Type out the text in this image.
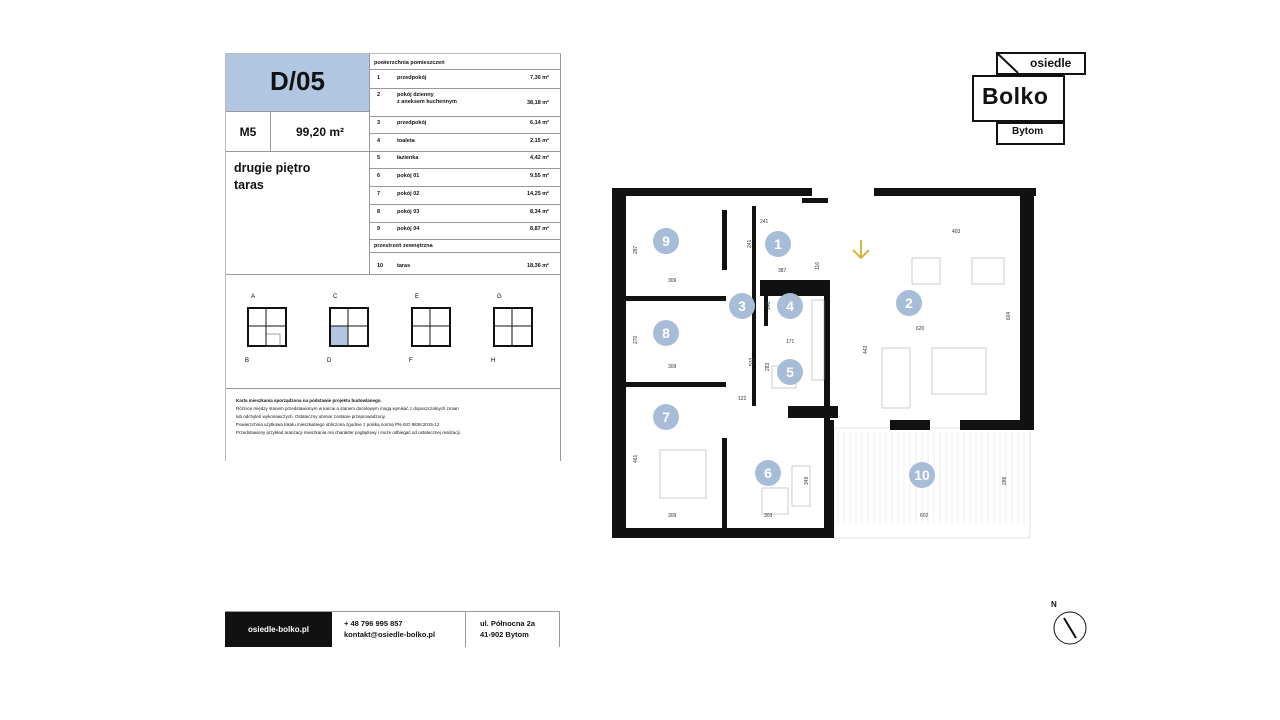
D/05
M5	99,20 m²
drugie piętro
taras
powierzchnia pomieszczeń
1	przedpokój	7,30 m²
2	pokój dzienny
z aneksem kuchennym	38,18 m²
3	przedpokój	6,14 m²
4	toaleta	2,15 m²
5	łazienka	4,42 m²
6	pokój 01	9,55 m²
7	pokój 02	14,25 m²
8	pokój 03	8,34 m²
9	pokój 04	8,87 m²
przestrzeń zewnętrzna
10	taras	18,36 m²
A
B
C
D
E
F
G
H
Karta mieszkania sporządzona na podstawie projektu budowlanego.
Różnice między stanem przedstawionym w karcie a stanem docelowym mogą wynikać z dopuszczalnych zmian
lub odchyleń wykonawczych. Ostateczny obmiar zostanie przeprowadzony.
Powierzchnia użytkowa lokalu mieszkalnego obliczona zgodnie z polską normą PN-ISO 9836:2015-12
Przedstawiony przykład aranżacji mieszkania ma charakter poglądowy i może odbiegać od ostatecznej realizacji.
osiedle-bolko.pl
+ 48 796 995 857
kontakt@osiedle-bolko.pl
ul. Północna 2a
41-902 Bytom
osiedle
Bolko
Bytom
1
2
3	4
5
6
7
8
9
10
241
403
287
309
241
387
116
620
604
148
270
309
533
171
283
443
122
461
309	303
349
602
288
N
